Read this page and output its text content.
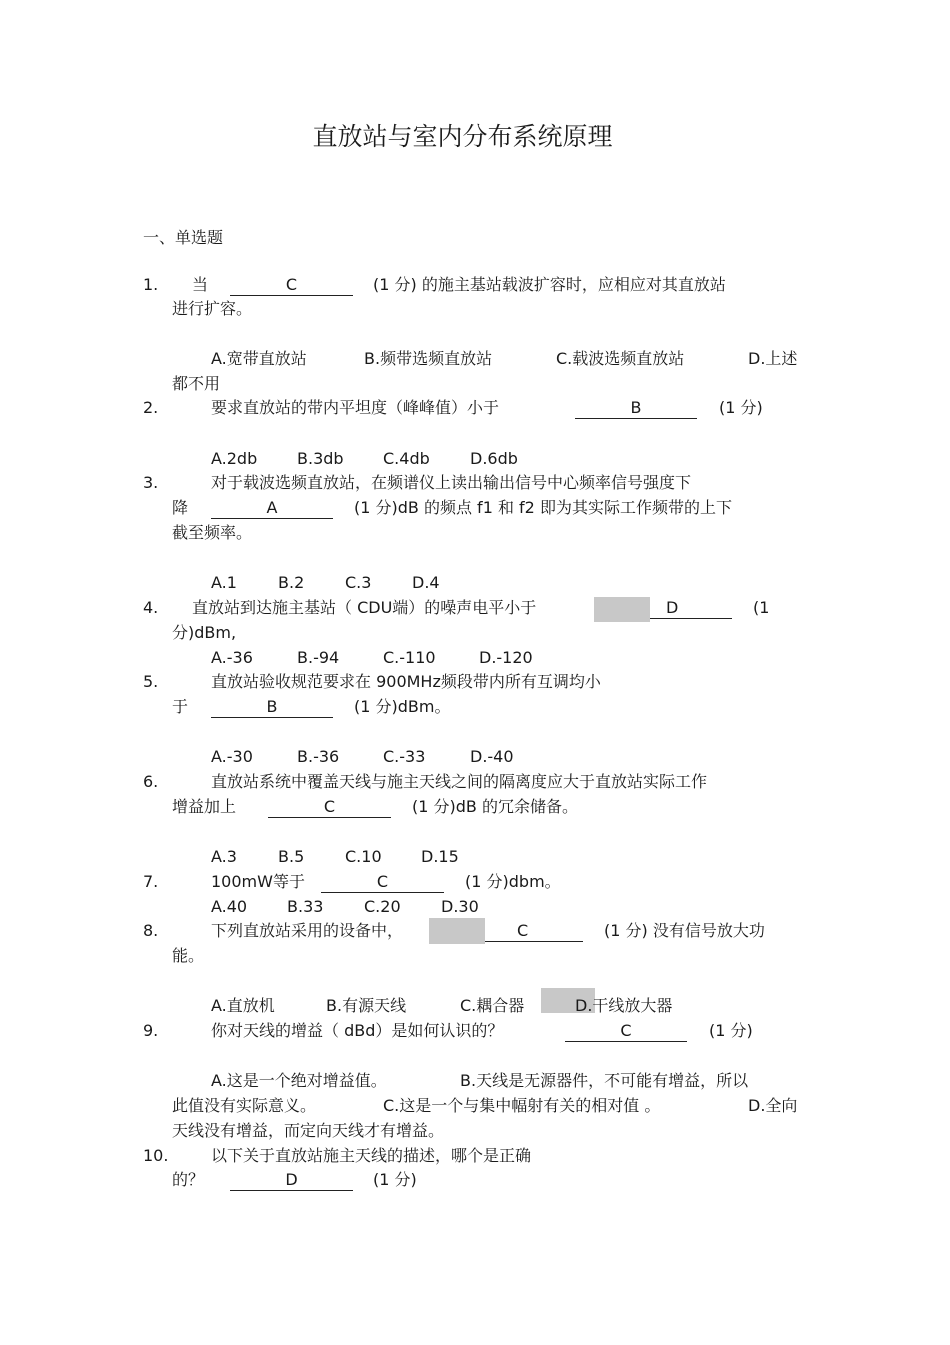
直放站与室内分布系统原理
一、单选题
1. 当	C	(1 分) 的施主基站载波扩容时，应相应对其直放站
进行扩容。
A.宽带直放站	B.频带选频直放站	C.载波选频直放站	D.上述
都不用
2.	要求直放站的带内平坦度（峰峰值）小于	B	(1 分)
A.2db B.3db C.4db	D.6db
3.	对于载波选频直放站，在频谱仪上读出输出信号中心频率信号强度下
降	A	(1 分)dB 的频点 f1 和 f2 即为其实际工作频带的上下
截至频率。
A.1	B.2	C.3	D.4
4. 直放站到达施主基站（ CDU端）的噪声电平小于	D	(1
分)dBm,
A.-36	B.-94	C.-110	D.-120
5.	直放站验收规范要求在 900MHz频段带内所有互调均小
于	B	(1 分)dBm。
A.-30	B.-36	C.-33	D.-40
6.	直放站系统中覆盖天线与施主天线之间的隔离度应大于直放站实际工作
增益加上	C	(1 分)dB 的冗余储备。
A.3	B.5	C.10 D.15
7.	100mW等于	C	(1 分)dbm。
A.40 B.33	C.20	D.30
8.	下列直放站采用的设备中，	C	(1 分) 没有信号放大功
能。
A.直放机	B.有源天线	C.耦合器	D.干线放大器
9.	你对天线的增益（ dBd）是如何认识的？	C	(1 分)
A.这是一个绝对增益值。	B.天线是无源器件，不可能有增益，所以
此值没有实际意义。	C.这是一个与集中幅射有关的相对值 。	D.全向
天线没有增益，而定向天线才有增益。
10.	以下关于直放站施主天线的描述，哪个是正确
的？	D	(1 分)
